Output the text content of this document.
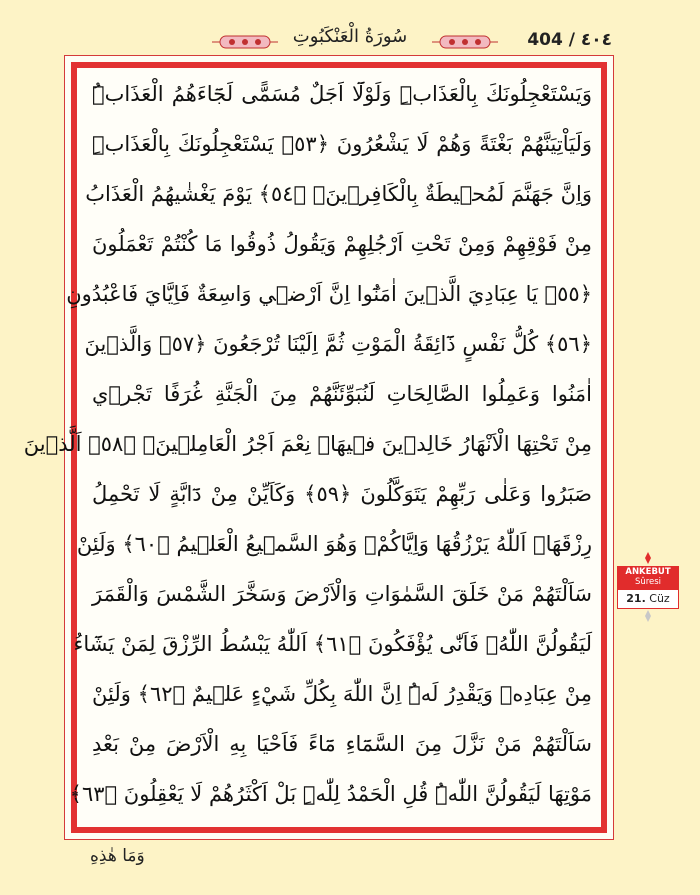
سُورَةُ الْعَنْكَبُوتِ	404 / ٤٠٤
وَيَسْتَعْجِلُونَكَ بِالْعَذَابِۜ وَلَوْلَٓا اَجَلٌ مُسَمًّى لَجَٓاءَهُمُ الْعَذَابُۜ
وَلَيَاْتِيَنَّهُمْ بَغْتَةً وَهُمْ لَا يَشْعُرُونَ ﴿٥٣﴾ يَسْتَعْجِلُونَكَ بِالْعَذَابِۜ
وَاِنَّ جَهَنَّمَ لَمُح۪يطَةٌ بِالْكَافِر۪ينَۙ ﴿٥٤﴾ يَوْمَ يَغْشٰيهُمُ الْعَذَابُ
مِنْ فَوْقِهِمْ وَمِنْ تَحْتِ اَرْجُلِهِمْ وَيَقُولُ ذُوقُوا مَا كُنْتُمْ تَعْمَلُونَ
﴿٥٥﴾ يَا عِبَادِيَ الَّذ۪ينَ اٰمَنُٓوا اِنَّ اَرْض۪ي وَاسِعَةٌ فَاِيَّايَ فَاعْبُدُونِ
﴿٥٦﴾ كُلُّ نَفْسٍ ذَٓائِقَةُ الْمَوْتِ ثُمَّ اِلَيْنَا تُرْجَعُونَ ﴿٥٧﴾ وَالَّذ۪ينَ
اٰمَنُوا وَعَمِلُوا الصَّالِحَاتِ لَنُبَوِّئَنَّهُمْ مِنَ الْجَنَّةِ غُرَفًا تَجْر۪ي
مِنْ تَحْتِهَا الْاَنْهَارُ خَالِد۪ينَ ف۪يهَاۜ نِعْمَ اَجْرُ الْعَامِل۪ينَۗ ﴿٥٨﴾ اَلَّذ۪ينَ
صَبَرُوا وَعَلٰى رَبِّهِمْ يَتَوَكَّلُونَ ﴿٥٩﴾ وَكَاَيِّنْ مِنْ دَٓابَّةٍ لَا تَحْمِلُ
رِزْقَهَاۗ اَللّٰهُ يَرْزُقُهَا وَاِيَّاكُمْۘ وَهُوَ السَّم۪يعُ الْعَل۪يمُ ﴿٦٠﴾ وَلَئِنْ
سَاَلْتَهُمْ مَنْ خَلَقَ السَّمٰوَاتِ وَالْاَرْضَ وَسَخَّرَ الشَّمْسَ وَالْقَمَرَ
لَيَقُولُنَّ اللّٰهُۚ فَاَنّٰى يُؤْفَكُونَ ﴿٦١﴾ اَللّٰهُ يَبْسُطُ الرِّزْقَ لِمَنْ يَشَٓاءُ
مِنْ عِبَادِه۪ وَيَقْدِرُ لَهُۜ اِنَّ اللّٰهَ بِكُلِّ شَيْءٍ عَل۪يمٌ ﴿٦٢﴾ وَلَئِنْ
سَاَلْتَهُمْ مَنْ نَزَّلَ مِنَ السَّمَٓاءِ مَٓاءً فَاَحْيَا بِهِ الْاَرْضَ مِنْ بَعْدِ
مَوْتِهَا لَيَقُولُنَّ اللّٰهُۜ قُلِ الْحَمْدُ لِلّٰهِۜ بَلْ اَكْثَرُهُمْ لَا يَعْقِلُونَ ﴿٦٣﴾
وَمَا هٰذِهِ
ANKEBUT
Sûresi
21. Cüz
